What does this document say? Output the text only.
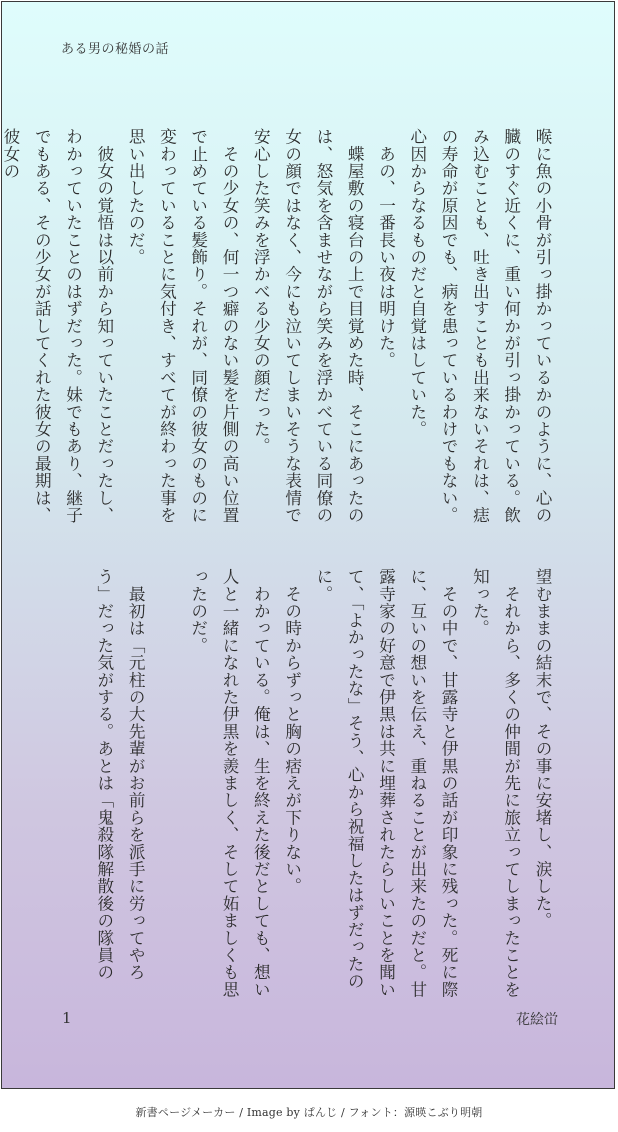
ある男の秘婚の話

喉に魚の小骨が引っ掛かっているかのように、心の臓のすぐ近くに、重い何かが引っ掛かっている。飲み込むことも、吐き出すことも出来ないそれは、痣の寿命が原因でも、病を患っているわけでもない。心因からなるものだと自覚はしていた。

　あの、一番長い夜は明けた。

　蝶屋敷の寝台の上で目覚めた時、そこにあったのは、怒気を含ませながら笑みを浮かべている同僚の女の顔ではなく、今にも泣いてしまいそうな表情で安心した笑みを浮かべる少女の顔だった。

　その少女の、何一つ癖のない髪を片側の高い位置で止めている髪飾り。それが、同僚の彼女のものに変わっていることに気付き、すべてが終わった事を思い出したのだ。

　彼女の覚悟は以前から知っていたことだったし、わかっていたことのはずだった。妹でもあり、継子でもある、その少女が話してくれた彼女の最期は、彼女の

望むままの結末で、その事に安堵し、涙した。

　それから、多くの仲間が先に旅立ってしまったことを知った。

　その中で、甘露寺と伊黒の話が印象に残った。死に際に、互いの想いを伝え、重ねることが出来たのだと。甘露寺家の好意で伊黒は共に埋葬されたらしいことを聞いて、「よかったな」そう、心から祝福したはずだったのに。

　その時からずっと胸の痞えが下りない。

　わかっている。俺は、生を終えた後だとしても、想い人と一緒になれた伊黒を羨ましく、そして妬ましくも思ったのだ。

　最初は「元柱の大先輩がお前らを派手に労ってやろう」だった気がする。あとは「鬼殺隊解散後の隊員の

1	花絵峃
新書ページメーカー / Image by ぱんじ / フォント：源暎こぶり明朝
